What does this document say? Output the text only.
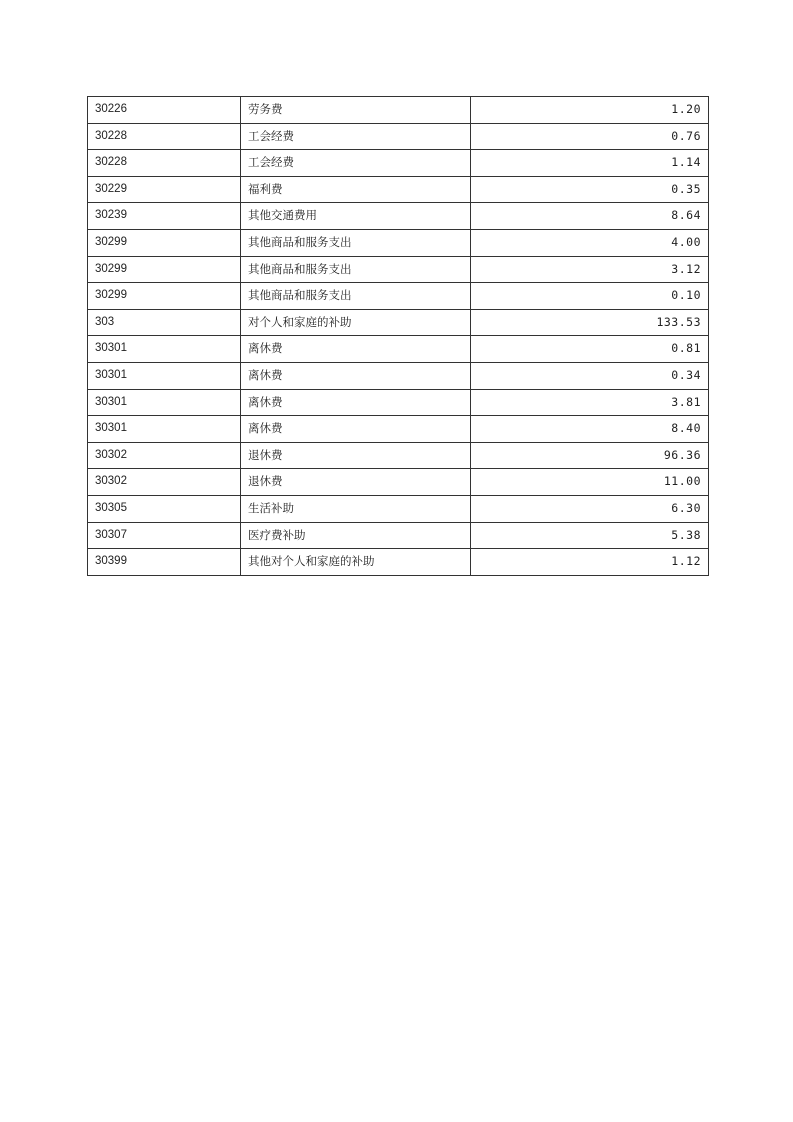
30226	劳务费	1.20
30228	工会经费	0.76
30228	工会经费	1.14
30229	福利费	0.35
30239	其他交通费用	8.64
30299	其他商品和服务支出	4.00
30299	其他商品和服务支出	3.12
30299	其他商品和服务支出	0.10
303	对个人和家庭的补助	133.53
30301	离休费	0.81
30301	离休费	0.34
30301	离休费	3.81
30301	离休费	8.40
30302	退休费	96.36
30302	退休费	11.00
30305	生活补助	6.30
30307	医疗费补助	5.38
30399	其他对个人和家庭的补助	1.12
